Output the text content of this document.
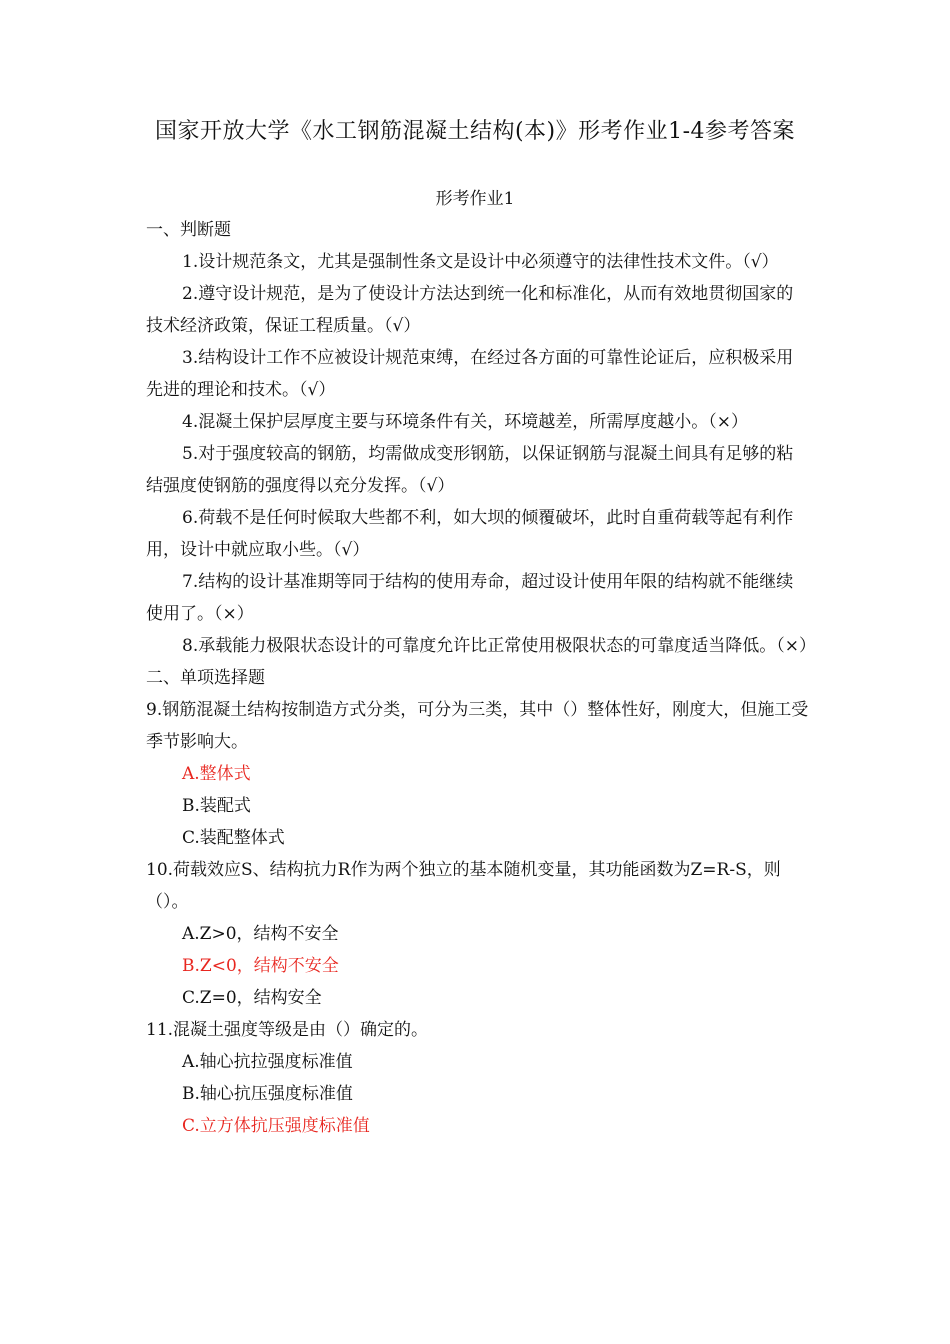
国家开放大学《水工钢筋混凝土结构(本)》形考作业1-4参考答案
形考作业1

一、判断题

1.设计规范条文，尤其是强制性条文是设计中必须遵守的法律性技术文件。（√）

2.遵守设计规范，是为了使设计方法达到统一化和标准化，从而有效地贯彻国家的技术经济政策，保证工程质量。（√）

3.结构设计工作不应被设计规范束缚，在经过各方面的可靠性论证后，应积极采用先进的理论和技术。（√）

4.混凝土保护层厚度主要与环境条件有关，环境越差，所需厚度越小。（×）

5.对于强度较高的钢筋，均需做成变形钢筋，以保证钢筋与混凝土间具有足够的粘结强度使钢筋的强度得以充分发挥。（√）

6.荷载不是任何时候取大些都不利，如大坝的倾覆破坏，此时自重荷载等起有利作用，设计中就应取小些。（√）

7.结构的设计基准期等同于结构的使用寿命，超过设计使用年限的结构就不能继续使用了。（×）

8.承载能力极限状态设计的可靠度允许比正常使用极限状态的可靠度适当降低。（×）

二、单项选择题

9.钢筋混凝土结构按制造方式分类，可分为三类，其中（）整体性好，刚度大，但施工受季节影响大。

A.整体式

B.装配式

C.装配整体式

10.荷载效应S、结构抗力R作为两个独立的基本随机变量，其功能函数为Z=R-S，则（）。

A.Z>0，结构不安全

B.Z<0，结构不安全

C.Z=0，结构安全

11.混凝土强度等级是由（）确定的。

A.轴心抗拉强度标准值

B.轴心抗压强度标准值

C.立方体抗压强度标准值
